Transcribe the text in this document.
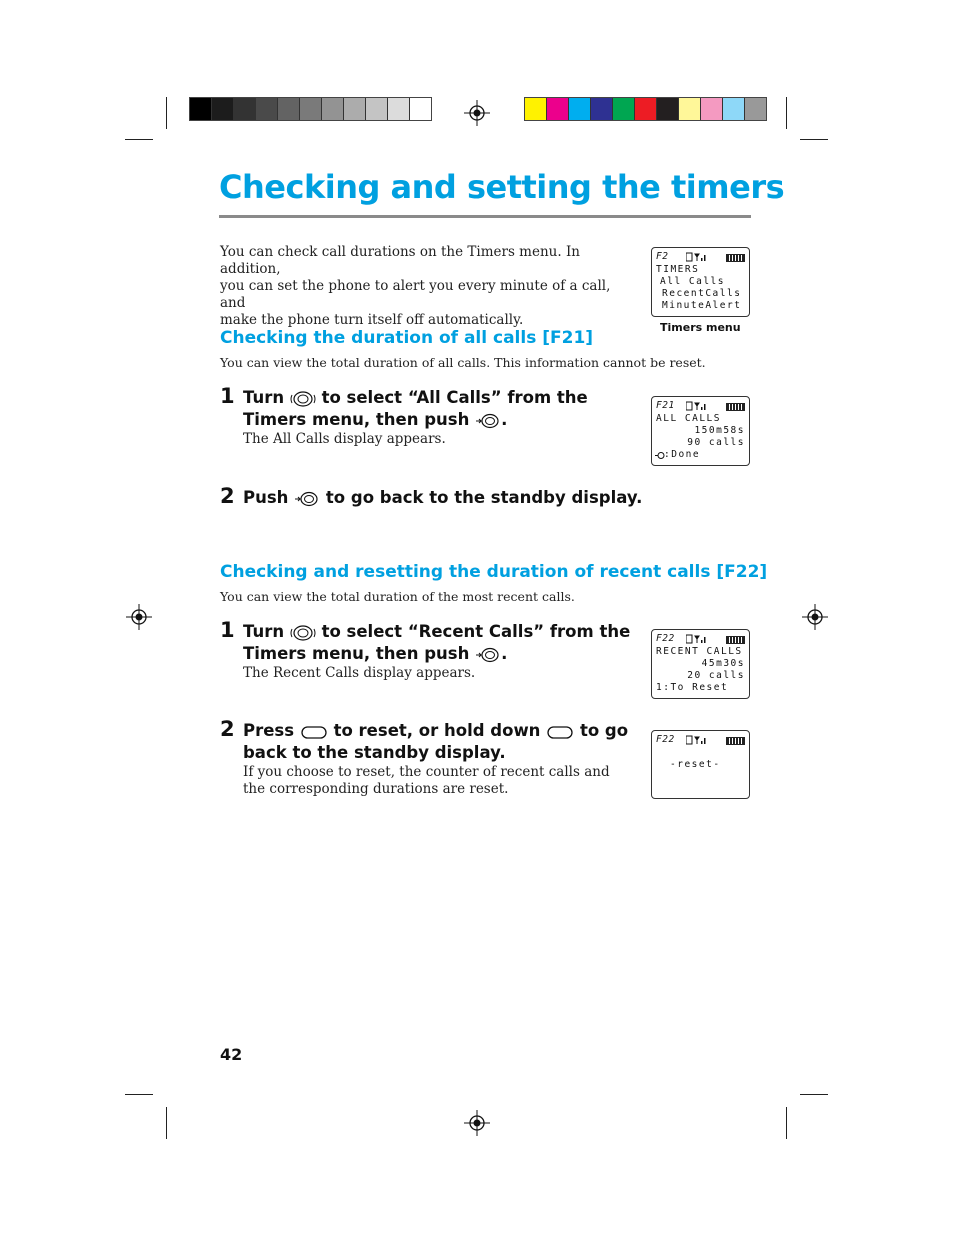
Checking and setting the timers
You can check call durations on the Timers menu. In addition,
you can set the phone to alert you every minute of a call, and
make the phone turn itself off automatically.
F2
TIMERS
All Calls
RecentCalls
MinuteAlert
Timers menu
Checking the duration of all calls [F21]
You can view the total duration of all calls. This information cannot be reset.
1 Turn to select “All Calls” from the
Timers menu, then push .
The All Calls display appears.
F21
ALL CALLS
150m58s
90 calls
:Done
2 Push to go back to the standby display.
Checking and resetting the duration of recent calls [F22]
You can view the total duration of the most recent calls.
1 Turn to select “Recent Calls” from the
Timers menu, then push .
The Recent Calls display appears.
F22
RECENT CALLS
45m30s
20 calls
1:To Reset
2 Press to reset, or hold down to go
back to the standby display.
If you choose to reset, the counter of recent calls and
the corresponding durations are reset.
F22
-reset-
42
